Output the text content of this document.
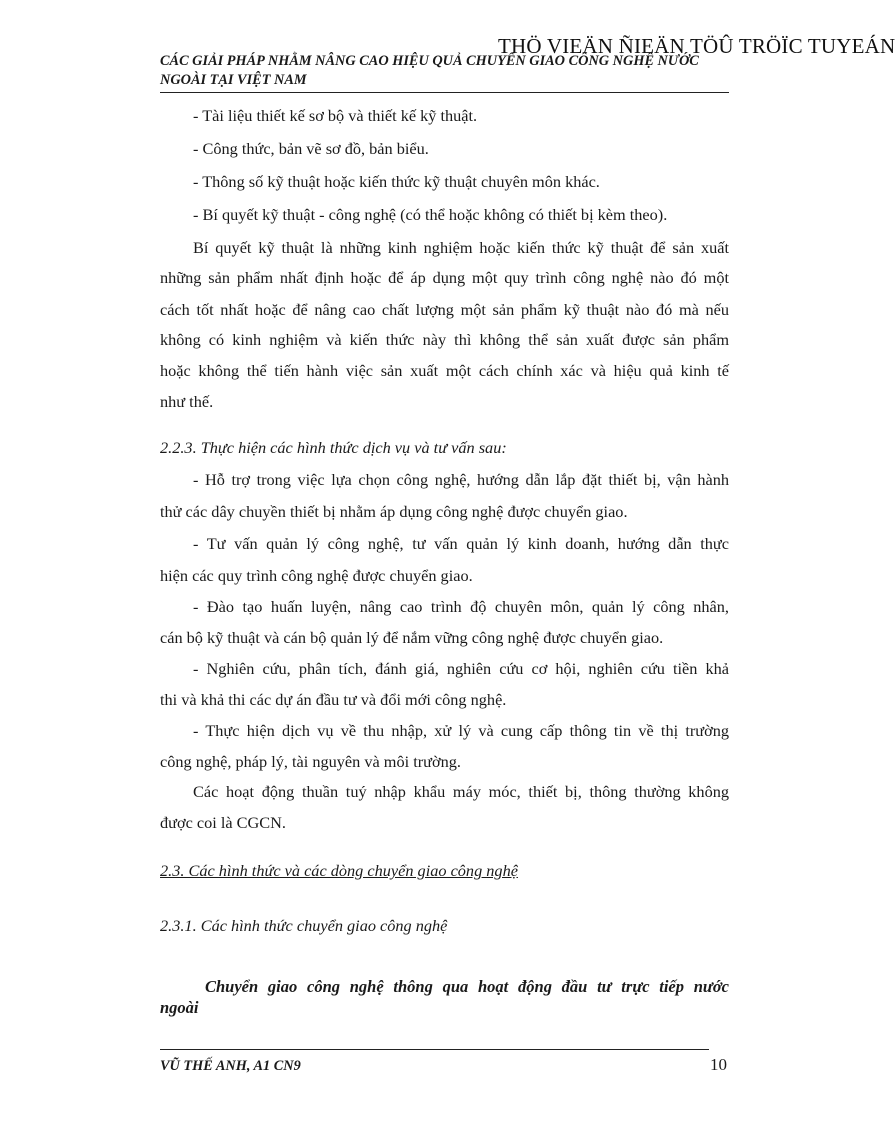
THÖ VIEÄN ÑIEÄN TÖÛ TRÖÏC TUYEÁN
CÁC GIẢI PHÁP NHẰM NÂNG CAO HIỆU QUẢ CHUYỂN GIAO CÔNG NGHỆ NƯỚC
NGOÀI TẠI VIỆT NAM
- Tài liệu thiết kế sơ bộ và thiết kế kỹ thuật.
- Công thức, bản vẽ sơ đồ, bản biểu.
- Thông số kỹ thuật hoặc kiến thức kỹ thuật chuyên môn khác.
- Bí quyết kỹ thuật - công nghệ (có thể hoặc không có thiết bị kèm theo).
Bí quyết kỹ thuật là những kinh nghiệm hoặc kiến thức kỹ thuật để sản xuất
những sản phẩm nhất định hoặc để áp dụng một quy trình công nghệ nào đó một
cách tốt nhất hoặc để nâng cao chất lượng một sản phẩm kỹ thuật nào đó mà nếu
không có kinh nghiệm và kiến thức này thì không thể sản xuất được sản phẩm
hoặc không thể tiến hành việc sản xuất một cách chính xác và hiệu quả kinh tế
như thế.
2.2.3. Thực hiện các hình thức dịch vụ và tư vấn sau:
- Hỗ trợ trong việc lựa chọn công nghệ, hướng dẫn lắp đặt thiết bị, vận hành
thử các dây chuyền thiết bị nhằm áp dụng công nghệ được chuyển giao.
- Tư vấn quản lý công nghệ, tư vấn quản lý kinh doanh, hướng dẫn thực
hiện các quy trình công nghệ được chuyển giao.
- Đào tạo huấn luyện, nâng cao trình độ chuyên môn, quản lý công nhân,
cán bộ kỹ thuật và cán bộ quản lý để nắm vững công nghệ được chuyển giao.
- Nghiên cứu, phân tích, đánh giá, nghiên cứu cơ hội, nghiên cứu tiền khả
thi và khả thi các dự án đầu tư và đổi mới công nghệ.
- Thực hiện dịch vụ về thu nhập, xử lý và cung cấp thông tin về thị trường
công nghệ, pháp lý, tài nguyên và môi trường.
Các hoạt động thuần tuý nhập khẩu máy móc, thiết bị, thông thường không
được coi là CGCN.
2.3. Các hình thức và các dòng chuyển giao công nghệ
2.3.1. Các hình thức chuyển giao công nghệ
Chuyển giao công nghệ thông qua hoạt động đầu tư trực tiếp nước
ngoài
VŨ THẾ ANH, A1 CN9	10
